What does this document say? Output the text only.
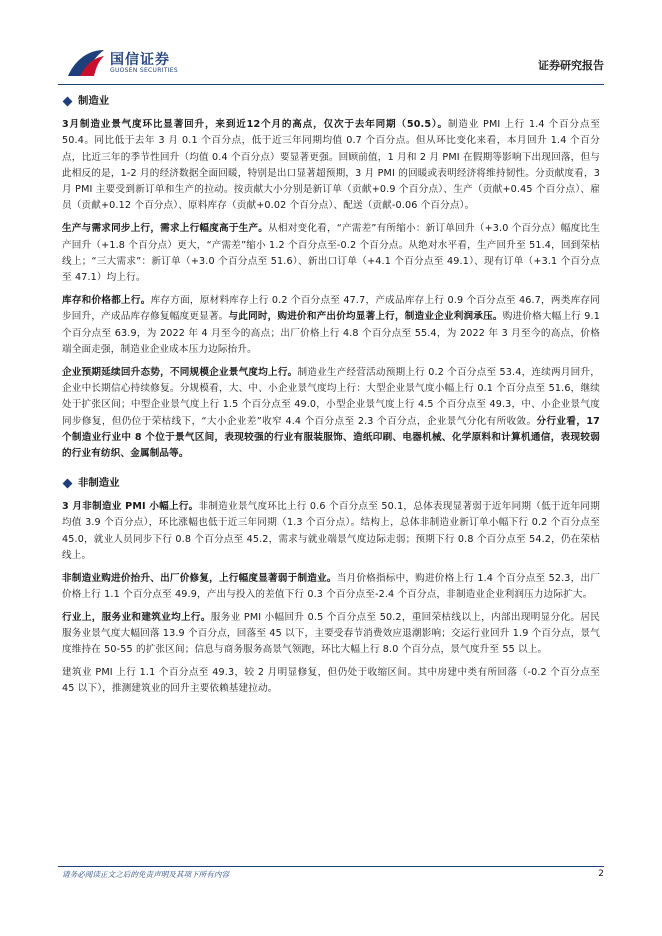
国信证券
GUOSEN SECURITIES	证券研究报告
制造业

3月制造业景气度环比显著回升，来到近12个月的高点，仅次于去年同期（50.5）。制造业 PMI 上行 1.4 个百分点至 50.4。同比低于去年 3 月 0.1 个百分点，低于近三年同期均值 0.7 个百分点。但从环比变化来看，本月回升 1.4 个百分点，比近三年的季节性回升（均值 0.4 个百分点）要显著更强。回顾前值，1 月和 2 月 PMI 在假期等影响下出现回落，但与此相反的是，1-2 月的经济数据全面回暖，特别是出口显著超预期，3 月 PMI 的回暖或表明经济将维持韧性。分贡献度看，3 月 PMI 主要受到新订单和生产的拉动。按贡献大小分别是新订单（贡献+0.9 个百分点）、生产（贡献+0.45 个百分点）、雇员（贡献+0.12 个百分点）、原料库存（贡献+0.02 个百分点）、配送（贡献-0.06 个百分点）。

生产与需求同步上行，需求上行幅度高于生产。从相对变化看，“产需差”有所缩小：新订单回升（+3.0 个百分点）幅度比生产回升（+1.8 个百分点）更大，“产需差”缩小 1.2 个百分点至-0.2 个百分点。从绝对水平看，生产回升至 51.4，回到荣枯线上；“三大需求”：新订单（+3.0 个百分点至 51.6）、新出口订单（+4.1 个百分点至 49.1）、现有订单（+3.1 个百分点至 47.1）均上行。

库存和价格都上行。库存方面，原材料库存上行 0.2 个百分点至 47.7，产成品库存上行 0.9 个百分点至 46.7，两类库存同步回升，产成品库存修复幅度更显著。与此同时，购进价和产出价均显著上行，制造业企业利润承压。购进价格大幅上行 9.1 个百分点至 63.9，为 2022 年 4 月至今的高点；出厂价格上行 4.8 个百分点至 55.4，为 2022 年 3 月至今的高点，价格端全面走强，制造业企业成本压力边际抬升。

企业预期延续回升态势，不同规模企业景气度均上行。制造业生产经营活动预期上行 0.2 个百分点至 53.4，连续两月回升，企业中长期信心持续修复。分规模看，大、中、小企业景气度均上行：大型企业景气度小幅上行 0.1 个百分点至 51.6，继续处于扩张区间；中型企业景气度上行 1.5 个百分点至 49.0，小型企业景气度上行 4.5 个百分点至 49.3，中、小企业景气度同步修复，但仍位于荣枯线下，“大小企业差”收窄 4.4 个百分点至 2.3 个百分点，企业景气分化有所收敛。分行业看，17 个制造业行业中 8 个位于景气区间，表现较强的行业有服装服饰、造纸印刷、电器机械、化学原料和计算机通信，表现较弱的行业有纺织、金属制品等。

非制造业

3 月非制造业 PMI 小幅上行。非制造业景气度环比上行 0.6 个百分点至 50.1，总体表现显著弱于近年同期（低于近年同期均值 3.9 个百分点），环比涨幅也低于近三年同期（1.3 个百分点）。结构上，总体非制造业新订单小幅下行 0.2 个百分点至 45.0，就业人员同步下行 0.8 个百分点至 45.2，需求与就业端景气度边际走弱；预期下行 0.8 个百分点至 54.2，仍在荣枯线上。

非制造业购进价抬升、出厂价修复，上行幅度显著弱于制造业。当月价格指标中，购进价格上行 1.4 个百分点至 52.3，出厂价格上行 1.1 个百分点至 49.9，产出与投入的差值下行 0.3 个百分点至-2.4 个百分点，非制造业企业利润压力边际扩大。

行业上，服务业和建筑业均上行。服务业 PMI 小幅回升 0.5 个百分点至 50.2，重回荣枯线以上，内部出现明显分化。居民服务业景气度大幅回落 13.9 个百分点，回落至 45 以下，主要受春节消费效应退潮影响；交运行业回升 1.9 个百分点，景气度维持在 50-55 的扩张区间；信息与商务服务高景气领跑，环比大幅上行 8.0 个百分点，景气度升至 55 以上。

建筑业 PMI 上行 1.1 个百分点至 49.3，较 2 月明显修复，但仍处于收缩区间。其中房建中类有所回落（-0.2 个百分点至 45 以下），推测建筑业的回升主要依赖基建拉动。

请务必阅读正文之后的免责声明及其项下所有内容	2
